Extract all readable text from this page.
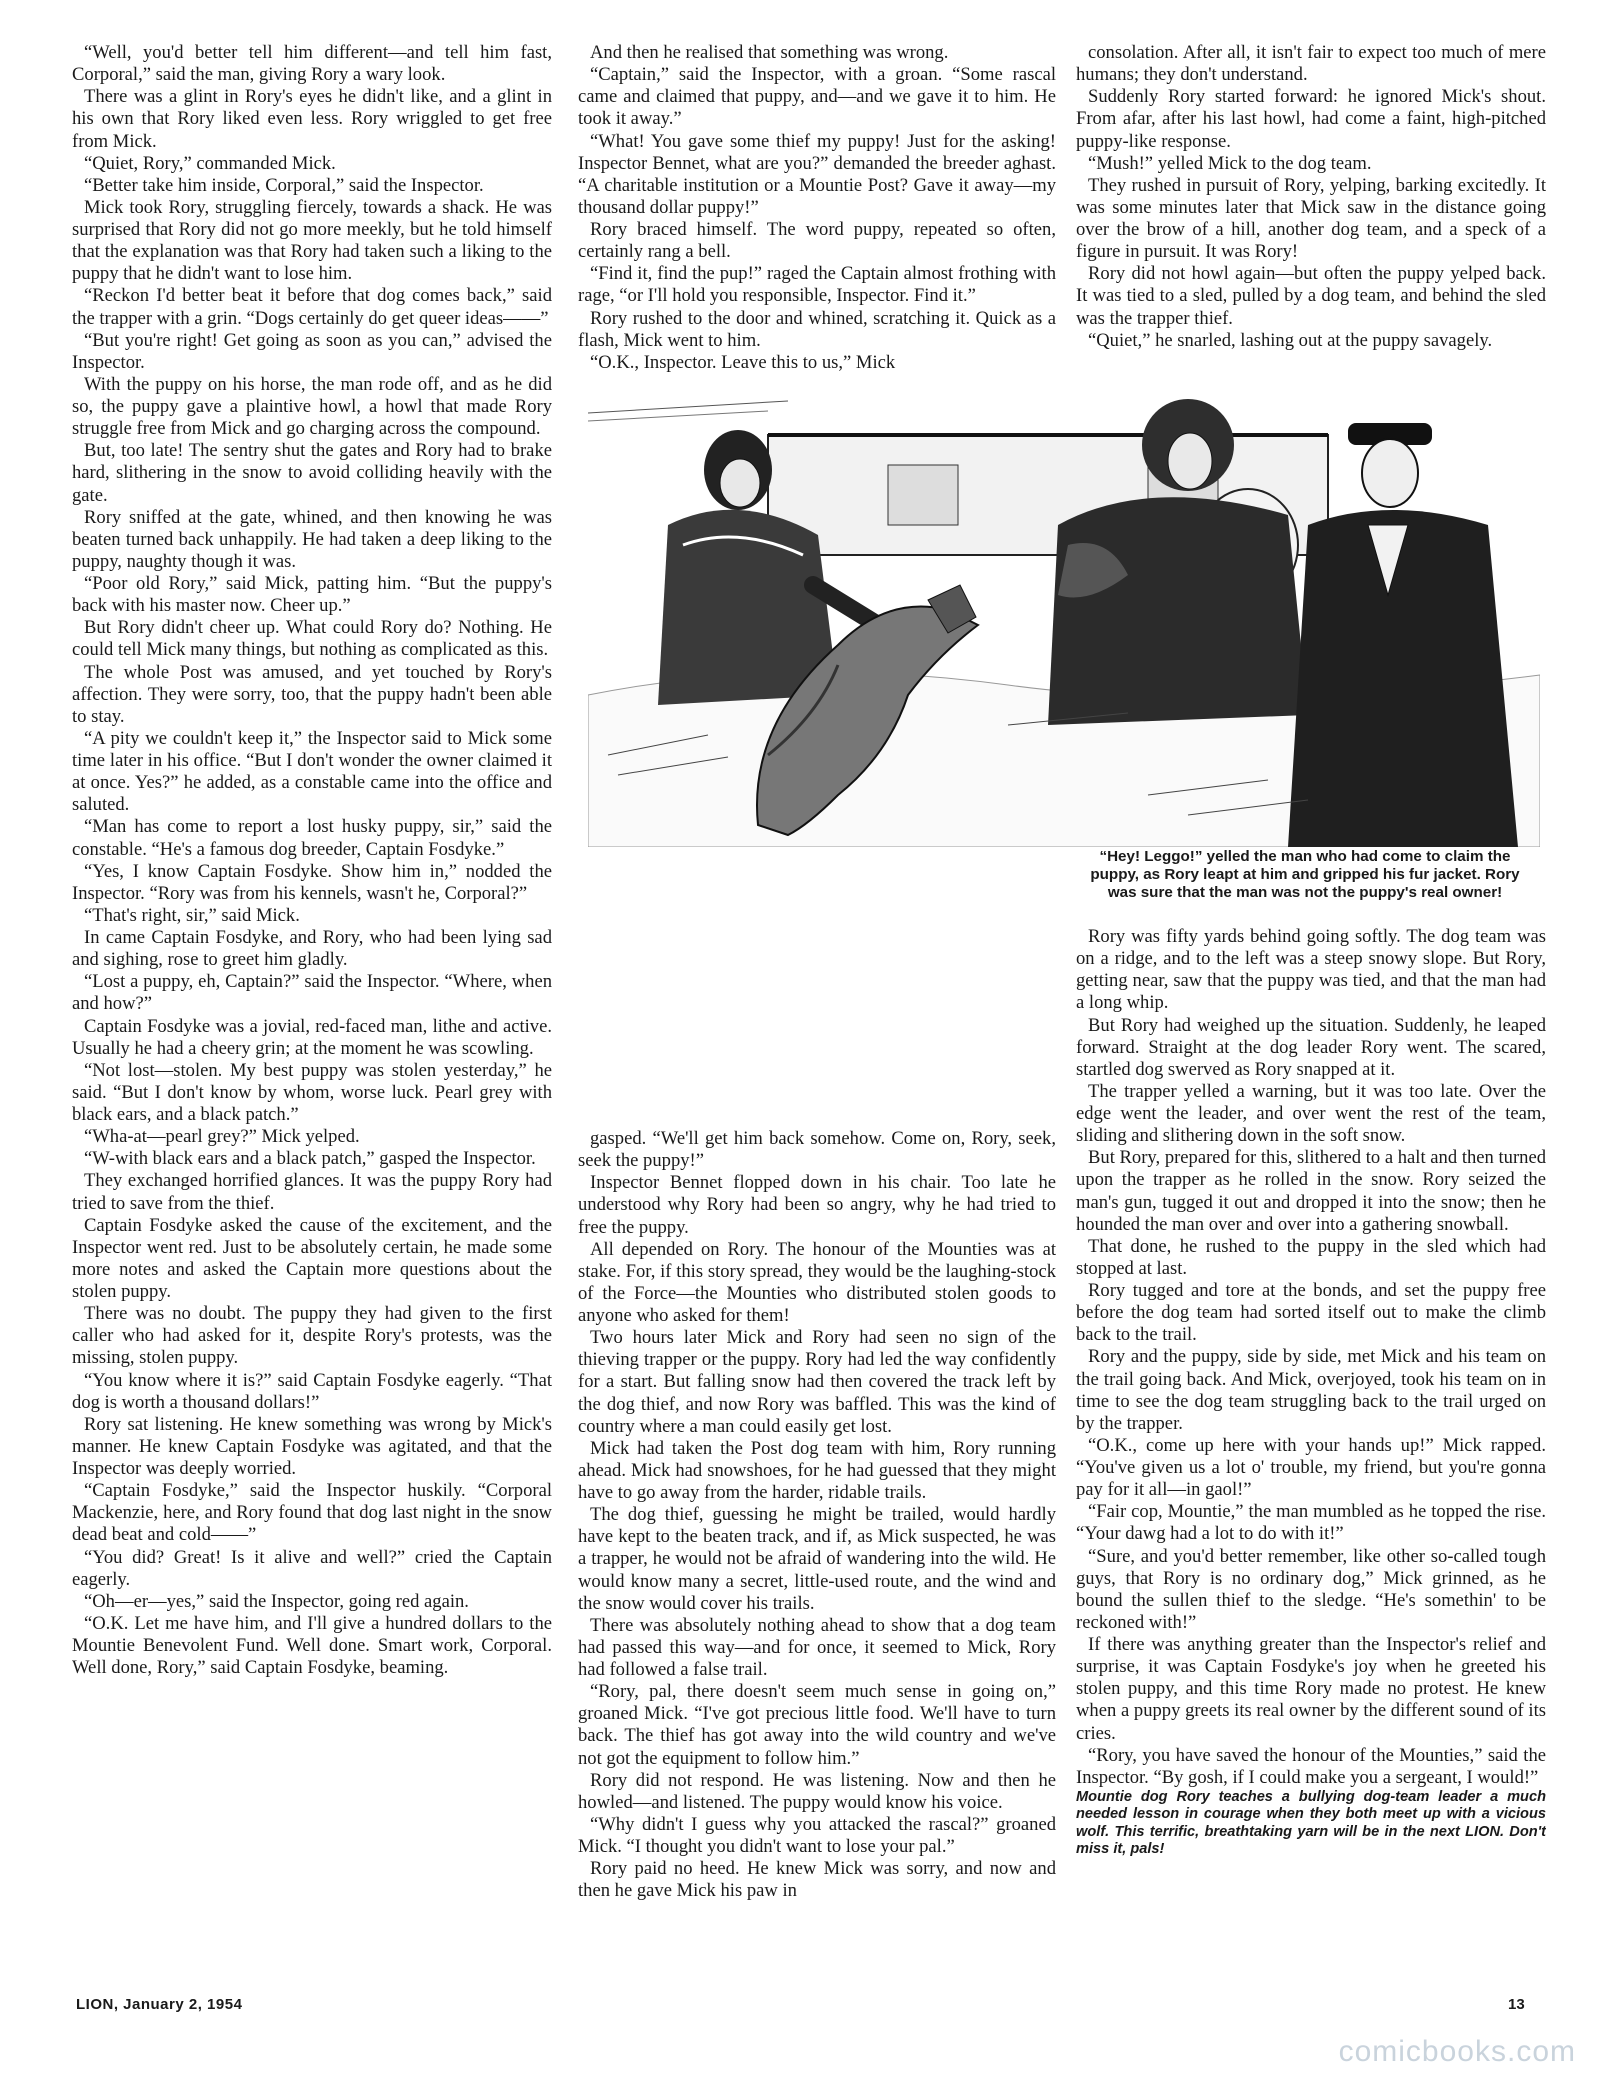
“Well, you'd better tell him different—and tell him fast, Corporal,” said the man, giving Rory a wary look.

There was a glint in Rory's eyes he didn't like, and a glint in his own that Rory liked even less. Rory wriggled to get free from Mick.

“Quiet, Rory,” commanded Mick.

“Better take him inside, Corporal,” said the Inspector.

Mick took Rory, struggling fiercely, towards a shack. He was surprised that Rory did not go more meekly, but he told himself that the explanation was that Rory had taken such a liking to the puppy that he didn't want to lose him.

“Reckon I'd better beat it before that dog comes back,” said the trapper with a grin. “Dogs certainly do get queer ideas——”

“But you're right! Get going as soon as you can,” advised the Inspector.

With the puppy on his horse, the man rode off, and as he did so, the puppy gave a plaintive howl, a howl that made Rory struggle free from Mick and go charging across the compound.

But, too late! The sentry shut the gates and Rory had to brake hard, slithering in the snow to avoid colliding heavily with the gate.

Rory sniffed at the gate, whined, and then knowing he was beaten turned back unhappily. He had taken a deep liking to the puppy, naughty though it was.

“Poor old Rory,” said Mick, patting him. “But the puppy's back with his master now. Cheer up.”

But Rory didn't cheer up. What could Rory do? Nothing. He could tell Mick many things, but nothing as complicated as this.

The whole Post was amused, and yet touched by Rory's affection. They were sorry, too, that the puppy hadn't been able to stay.

“A pity we couldn't keep it,” the Inspector said to Mick some time later in his office. “But I don't wonder the owner claimed it at once. Yes?” he added, as a constable came into the office and saluted.

“Man has come to report a lost husky puppy, sir,” said the constable. “He's a famous dog breeder, Captain Fosdyke.”

“Yes, I know Captain Fosdyke. Show him in,” nodded the Inspector. “Rory was from his kennels, wasn't he, Corporal?”

“That's right, sir,” said Mick.

In came Captain Fosdyke, and Rory, who had been lying sad and sighing, rose to greet him gladly.

“Lost a puppy, eh, Captain?” said the Inspector. “Where, when and how?”

Captain Fosdyke was a jovial, red-faced man, lithe and active. Usually he had a cheery grin; at the moment he was scowling.

“Not lost—stolen. My best puppy was stolen yesterday,” he said. “But I don't know by whom, worse luck. Pearl grey with black ears, and a black patch.”

“Wha-at—pearl grey?” Mick yelped.

“W-with black ears and a black patch,” gasped the Inspector.

They exchanged horrified glances. It was the puppy Rory had tried to save from the thief.

Captain Fosdyke asked the cause of the excitement, and the Inspector went red. Just to be absolutely certain, he made some more notes and asked the Captain more questions about the stolen puppy.

There was no doubt. The puppy they had given to the first caller who had asked for it, despite Rory's protests, was the missing, stolen puppy.

“You know where it is?” said Captain Fosdyke eagerly. “That dog is worth a thousand dollars!”

Rory sat listening. He knew something was wrong by Mick's manner. He knew Captain Fosdyke was agitated, and that the Inspector was deeply worried.

“Captain Fosdyke,” said the Inspector huskily. “Corporal Mackenzie, here, and Rory found that dog last night in the snow dead beat and cold——”

“You did? Great! Is it alive and well?” cried the Captain eagerly.

“Oh—er—yes,” said the Inspector, going red again.

“O.K. Let me have him, and I'll give a hundred dollars to the Mountie Benevolent Fund. Well done. Smart work, Corporal. Well done, Rory,” said Captain Fosdyke, beaming.

And then he realised that something was wrong.

“Captain,” said the Inspector, with a groan. “Some rascal came and claimed that puppy, and—and we gave it to him. He took it away.”

“What! You gave some thief my puppy! Just for the asking! Inspector Bennet, what are you?” demanded the breeder aghast. “A charitable institution or a Mountie Post? Gave it away—my thousand dollar puppy!”

Rory braced himself. The word puppy, repeated so often, certainly rang a bell.

“Find it, find the pup!” raged the Captain almost frothing with rage, “or I'll hold you responsible, Inspector. Find it.”

Rory rushed to the door and whined, scratching it. Quick as a flash, Mick went to him.

“O.K., Inspector. Leave this to us,” Mick

consolation. After all, it isn't fair to expect too much of mere humans; they don't understand.

Suddenly Rory started forward: he ignored Mick's shout. From afar, after his last howl, had come a faint, high-pitched puppy-like response.

“Mush!” yelled Mick to the dog team.

They rushed in pursuit of Rory, yelping, barking excitedly. It was some minutes later that Mick saw in the distance going over the brow of a hill, another dog team, and a speck of a figure in pursuit. It was Rory!

Rory did not howl again—but often the puppy yelped back. It was tied to a sled, pulled by a dog team, and behind the sled was the trapper thief.

“Quiet,” he snarled, lashing out at the puppy savagely.

“Hey! Leggo!” yelled the man who had come to claim the puppy, as Rory leapt at him and gripped his fur jacket. Rory was sure that the man was not the puppy's real owner!

gasped. “We'll get him back somehow. Come on, Rory, seek, seek the puppy!”

Inspector Bennet flopped down in his chair. Too late he understood why Rory had been so angry, why he had tried to free the puppy.

All depended on Rory. The honour of the Mounties was at stake. For, if this story spread, they would be the laughing-stock of the Force—the Mounties who distributed stolen goods to anyone who asked for them!

Two hours later Mick and Rory had seen no sign of the thieving trapper or the puppy. Rory had led the way confidently for a start. But falling snow had then covered the track left by the dog thief, and now Rory was baffled. This was the kind of country where a man could easily get lost.

Mick had taken the Post dog team with him, Rory running ahead. Mick had snowshoes, for he had guessed that they might have to go away from the harder, ridable trails.

The dog thief, guessing he might be trailed, would hardly have kept to the beaten track, and if, as Mick suspected, he was a trapper, he would not be afraid of wandering into the wild. He would know many a secret, little-used route, and the wind and the snow would cover his trails.

There was absolutely nothing ahead to show that a dog team had passed this way—and for once, it seemed to Mick, Rory had followed a false trail.

“Rory, pal, there doesn't seem much sense in going on,” groaned Mick. “I've got precious little food. We'll have to turn back. The thief has got away into the wild country and we've not got the equipment to follow him.”

Rory did not respond. He was listening. Now and then he howled—and listened. The puppy would know his voice.

“Why didn't I guess why you attacked the rascal?” groaned Mick. “I thought you didn't want to lose your pal.”

Rory paid no heed. He knew Mick was sorry, and now and then he gave Mick his paw in

Rory was fifty yards behind going softly. The dog team was on a ridge, and to the left was a steep snowy slope. But Rory, getting near, saw that the puppy was tied, and that the man had a long whip.

But Rory had weighed up the situation. Suddenly, he leaped forward. Straight at the dog leader Rory went. The scared, startled dog swerved as Rory snapped at it.

The trapper yelled a warning, but it was too late. Over the edge went the leader, and over went the rest of the team, sliding and slithering down in the soft snow.

But Rory, prepared for this, slithered to a halt and then turned upon the trapper as he rolled in the snow. Rory seized the man's gun, tugged it out and dropped it into the snow; then he hounded the man over and over into a gathering snowball.

That done, he rushed to the puppy in the sled which had stopped at last.

Rory tugged and tore at the bonds, and set the puppy free before the dog team had sorted itself out to make the climb back to the trail.

Rory and the puppy, side by side, met Mick and his team on the trail going back. And Mick, overjoyed, took his team on in time to see the dog team struggling back to the trail urged on by the trapper.

“O.K., come up here with your hands up!” Mick rapped. “You've given us a lot o' trouble, my friend, but you're gonna pay for it all—in gaol!”

“Fair cop, Mountie,” the man mumbled as he topped the rise. “Your dawg had a lot to do with it!”

“Sure, and you'd better remember, like other so-called tough guys, that Rory is no ordinary dog,” Mick grinned, as he bound the sullen thief to the sledge. “He's somethin' to be reckoned with!”

If there was anything greater than the Inspector's relief and surprise, it was Captain Fosdyke's joy when he greeted his stolen puppy, and this time Rory made no protest. He knew when a puppy greets its real owner by the different sound of its cries.

“Rory, you have saved the honour of the Mounties,” said the Inspector. “By gosh, if I could make you a sergeant, I would!”

Mountie dog Rory teaches a bullying dog-team leader a much needed lesson in courage when they both meet up with a vicious wolf. This terrific, breathtaking yarn will be in the next LION. Don't miss it, pals!

LION, January 2, 1954	13
comicbooks.com
